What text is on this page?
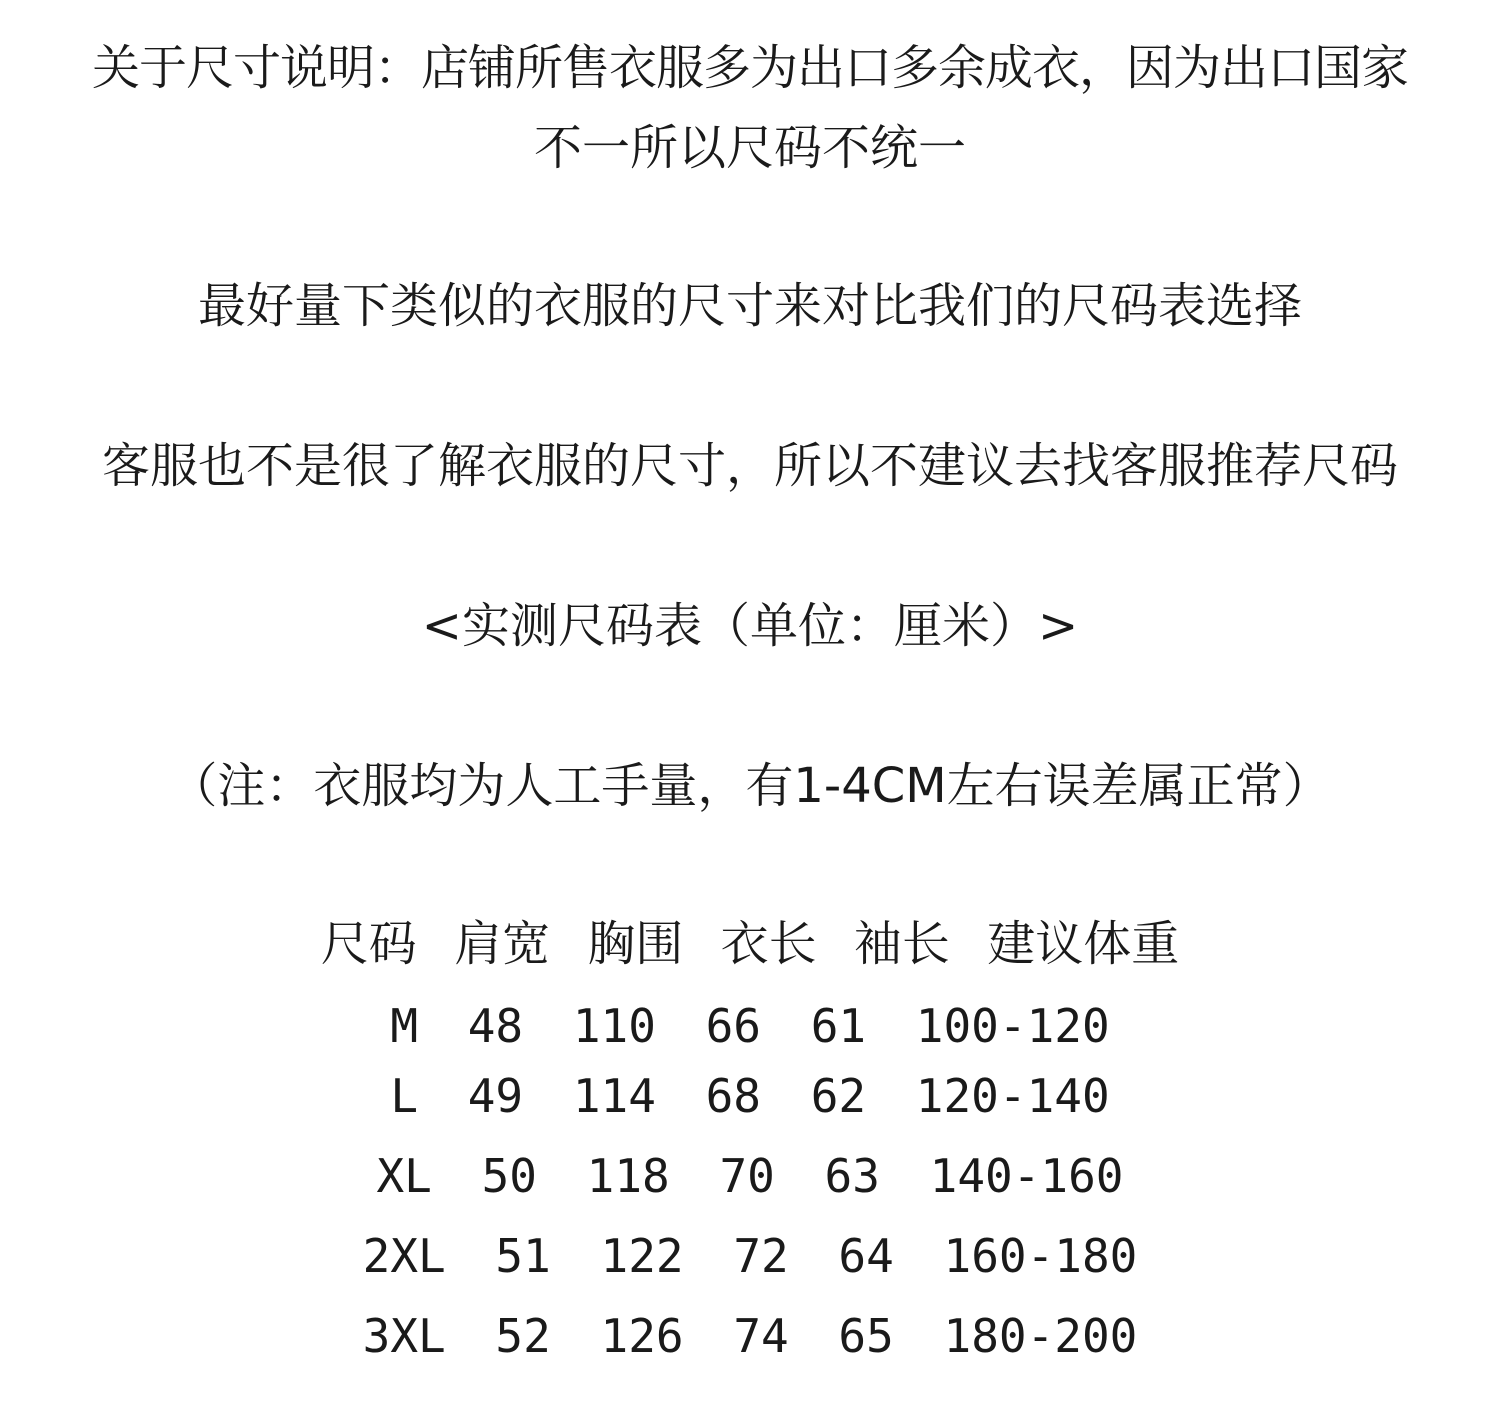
关于尺寸说明：店铺所售衣服多为出口多余成衣，因为出口国家
不一所以尺码不统一
最好量下类似的衣服的尺寸来对比我们的尺码表选择
客服也不是很了解衣服的尺寸，所以不建议去找客服推荐尺码
<实测尺码表（单位：厘米）>
（注：衣服均为人工手量，有1-4CM左右误差属正常）
尺码 肩宽 胸围 衣长 袖长 建议体重
M 48 110 66 61 100-120
L 49 114 68 62 120-140
XL 50 118 70 63 140-160
2XL 51 122 72 64 160-180
3XL 52 126 74 65 180-200
